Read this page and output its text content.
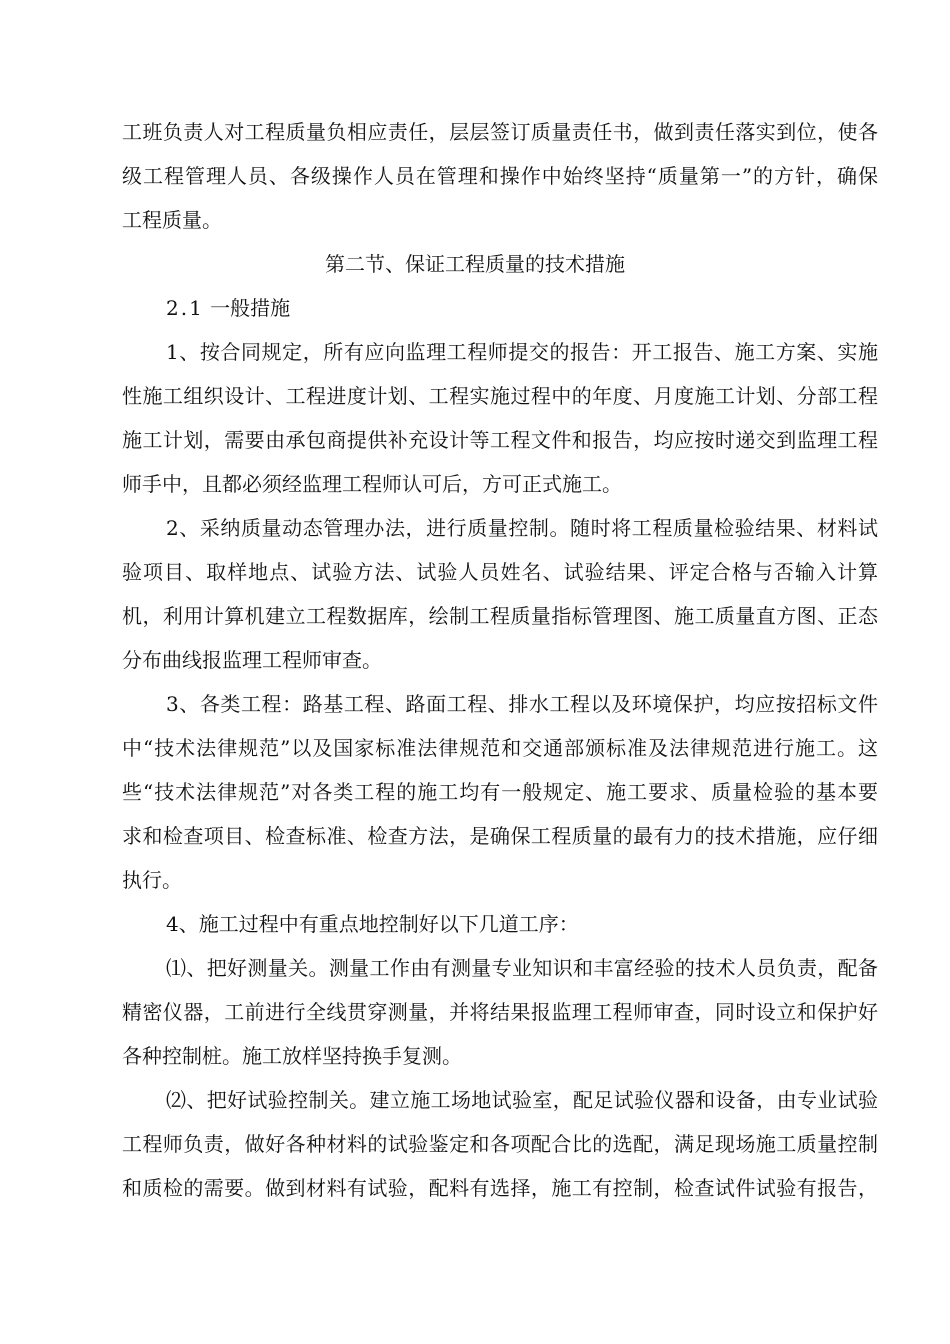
工班负责人对工程质量负相应责任，层层签订质量责任书，做到责任落实到位，使各
级工程管理人员、各级操作人员在管理和操作中始终坚持“质量第一”的方针，确保
工程质量。
第二节、保证工程质量的技术措施
2.1 一般措施
1、按合同规定，所有应向监理工程师提交的报告：开工报告、施工方案、实施
性施工组织设计、工程进度计划、工程实施过程中的年度、月度施工计划、分部工程
施工计划，需要由承包商提供补充设计等工程文件和报告，均应按时递交到监理工程
师手中，且都必须经监理工程师认可后，方可正式施工。
2、采纳质量动态管理办法，进行质量控制。随时将工程质量检验结果、材料试
验项目、取样地点、试验方法、试验人员姓名、试验结果、评定合格与否输入计算
机，利用计算机建立工程数据库，绘制工程质量指标管理图、施工质量直方图、正态
分布曲线报监理工程师审查。
3、各类工程：路基工程、路面工程、排水工程以及环境保护，均应按招标文件
中“技术法律规范”以及国家标准法律规范和交通部颁标准及法律规范进行施工。这
些“技术法律规范”对各类工程的施工均有一般规定、施工要求、质量检验的基本要
求和检查项目、检查标准、检查方法，是确保工程质量的最有力的技术措施，应仔细
执行。
4、施工过程中有重点地控制好以下几道工序：
⑴、把好测量关。测量工作由有测量专业知识和丰富经验的技术人员负责，配备
精密仪器，工前进行全线贯穿测量，并将结果报监理工程师审查，同时设立和保护好
各种控制桩。施工放样坚持换手复测。
⑵、把好试验控制关。建立施工场地试验室，配足试验仪器和设备，由专业试验
工程师负责，做好各种材料的试验鉴定和各项配合比的选配，满足现场施工质量控制
和质检的需要。做到材料有试验，配料有选择，施工有控制，检查试件试验有报告，
